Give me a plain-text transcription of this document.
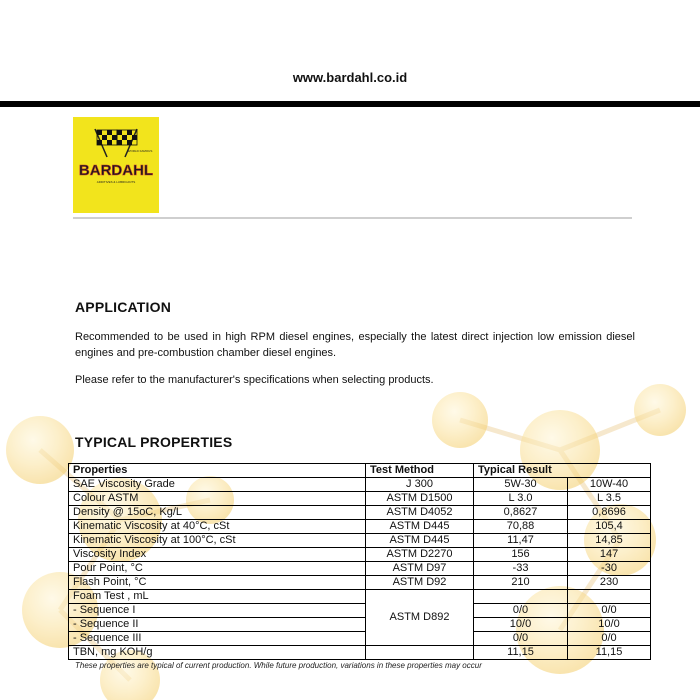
www.bardahl.co.id
WORLD FAMOUS
BARDAHL
ADDITIVES & LUBRICANTS
APPLICATION

Recommended to be used in high RPM diesel engines, especially the latest direct injection low emission diesel engines and pre-combustion chamber diesel engines.

Please refer to the manufacturer's specifications when selecting products.

TYPICAL PROPERTIES
Properties	Test Method	Typical Result	
SAE Viscosity Grade	J 300	5W-30	10W-40
Colour ASTM	ASTM D1500	L 3.0	L 3.5
Density @ 15oC, Kg/L	ASTM D4052	0,8627	0,8696
Kinematic Viscosity at 40°C, cSt	ASTM D445	70,88	105,4
Kinematic Viscosity at 100°C, cSt	ASTM D445	11,47	14,85
Viscosity Index	ASTM D2270	156	147
Pour Point, °C	ASTM D97	-33	-30
Flash Point, °C	ASTM D92	210	230
Foam Test , mL	ASTM D892		
- Sequence I		0/0	0/0
- Sequence II		10/0	10/0
- Sequence III		0/0	0/0
TBN, mg KOH/g		11,15	11,15
These properties are typical of current production. While future production, variations in these properties may occur
